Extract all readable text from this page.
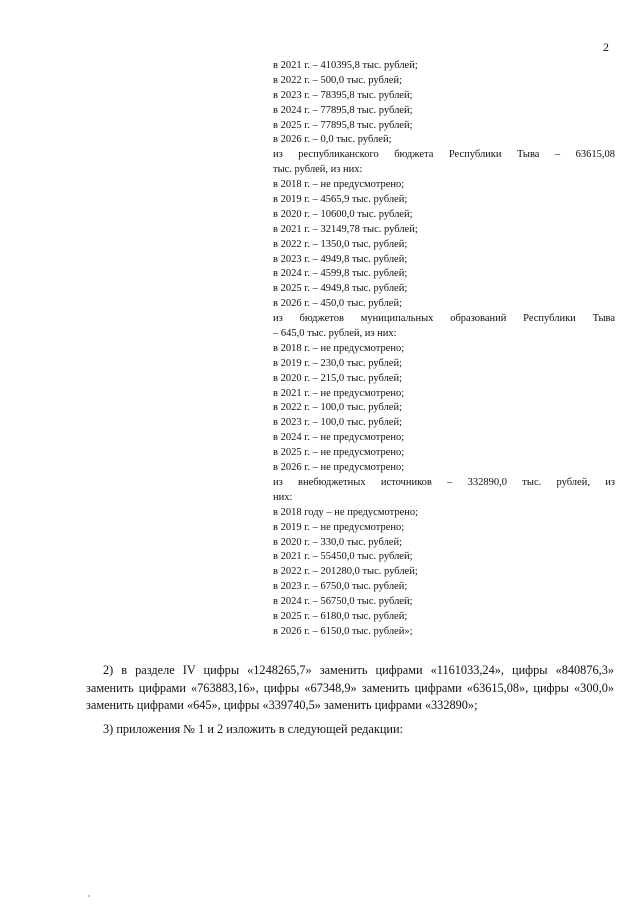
2
в 2021 г. – 410395,8 тыс. рублей;
в 2022 г. – 500,0 тыс. рублей;
в 2023 г. – 78395,8 тыс. рублей;
в 2024 г. – 77895,8 тыс. рублей;
в 2025 г. – 77895,8 тыс. рублей;
в 2026 г. – 0,0 тыс. рублей;
из республиканского бюджета Республики Тыва – 63615,08
тыс. рублей, из них:
в 2018 г. – не предусмотрено;
в 2019 г. – 4565,9 тыс. рублей;
в 2020 г. – 10600,0 тыс. рублей;
в 2021 г. – 32149,78 тыс. рублей;
в 2022 г. – 1350,0 тыс. рублей;
в 2023 г. – 4949,8 тыс. рублей;
в 2024 г. – 4599,8 тыс. рублей;
в 2025 г. – 4949,8 тыс. рублей;
в 2026 г. – 450,0 тыс. рублей;
из бюджетов муниципальных образований Республики Тыва
– 645,0 тыс. рублей, из них:
в 2018 г. – не предусмотрено;
в 2019 г. – 230,0 тыс. рублей;
в 2020 г. – 215,0 тыс. рублей;
в 2021 г. – не предусмотрено;
в 2022 г. – 100,0 тыс. рублей;
в 2023 г. – 100,0 тыс. рублей;
в 2024 г. – не предусмотрено;
в 2025 г. – не предусмотрено;
в 2026 г. – не предусмотрено;
из внебюджетных источников – 332890,0 тыс. рублей, из
них:
в 2018 году – не предусмотрено;
в 2019 г. – не предусмотрено;
в 2020 г. – 330,0 тыс. рублей;
в 2021 г. – 55450,0 тыс. рублей;
в 2022 г. – 201280,0 тыс. рублей;
в 2023 г. – 6750,0 тыс. рублей;
в 2024 г. – 56750,0 тыс. рублей;
в 2025 г. – 6180,0 тыс. рублей;
в 2026 г. – 6150,0 тыс. рублей»;

2) в разделе IV цифры «1248265,7» заменить цифрами «1161033,24», цифры «840876,3» заменить цифрами «763883,16», цифры «67348,9» заменить цифрами «63615,08», цифры «300,0» заменить цифрами «645», цифры «339740,5» заменить цифрами «332890»;

3) приложения № 1 и 2 изложить в следующей редакции:
